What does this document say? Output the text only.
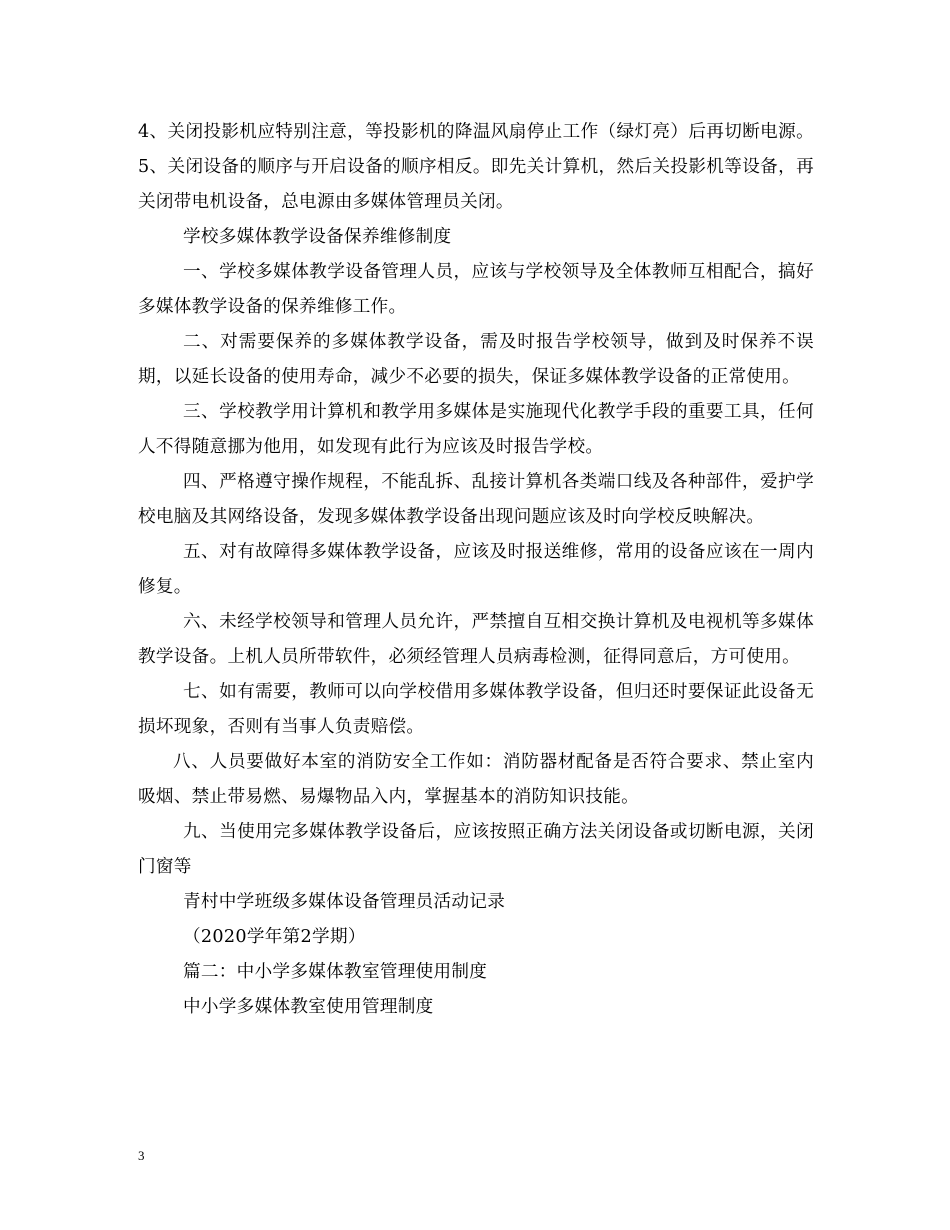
4、关闭投影机应特别注意，等投影机的降温风扇停止工作（绿灯亮）后再切断电源。 5、关闭设备的顺序与开启设备的顺序相反。即先关计算机，然后关投影机等设备，再关闭带电机设备，总电源由多媒体管理员关闭。

学校多媒体教学设备保养维修制度

一、学校多媒体教学设备管理人员，应该与学校领导及全体教师互相配合，搞好多媒体教学设备的保养维修工作。

二、对需要保养的多媒体教学设备，需及时报告学校领导，做到及时保养不误期，以延长设备的使用寿命，减少不必要的损失，保证多媒体教学设备的正常使用。

三、学校教学用计算机和教学用多媒体是实施现代化教学手段的重要工具，任何人不得随意挪为他用，如发现有此行为应该及时报告学校。

四、严格遵守操作规程，不能乱拆、乱接计算机各类端口线及各种部件，爱护学校电脑及其网络设备，发现多媒体教学设备出现问题应该及时向学校反映解决。

五、对有故障得多媒体教学设备，应该及时报送维修，常用的设备应该在一周内修复。

六、未经学校领导和管理人员允许，严禁擅自互相交换计算机及电视机等多媒体教学设备。上机人员所带软件，必须经管理人员病毒检测，征得同意后，方可使用。

七、如有需要，教师可以向学校借用多媒体教学设备，但归还时要保证此设备无损坏现象，否则有当事人负责赔偿。

八、人员要做好本室的消防安全工作如：消防器材配备是否符合要求、禁止室内吸烟、禁止带易燃、易爆物品入内，掌握基本的消防知识技能。

九、当使用完多媒体教学设备后，应该按照正确方法关闭设备或切断电源，关闭门窗等

青村中学班级多媒体设备管理员活动记录

（2020学年第2学期）

篇二：中小学多媒体教室管理使用制度

中小学多媒体教室使用管理制度

3
